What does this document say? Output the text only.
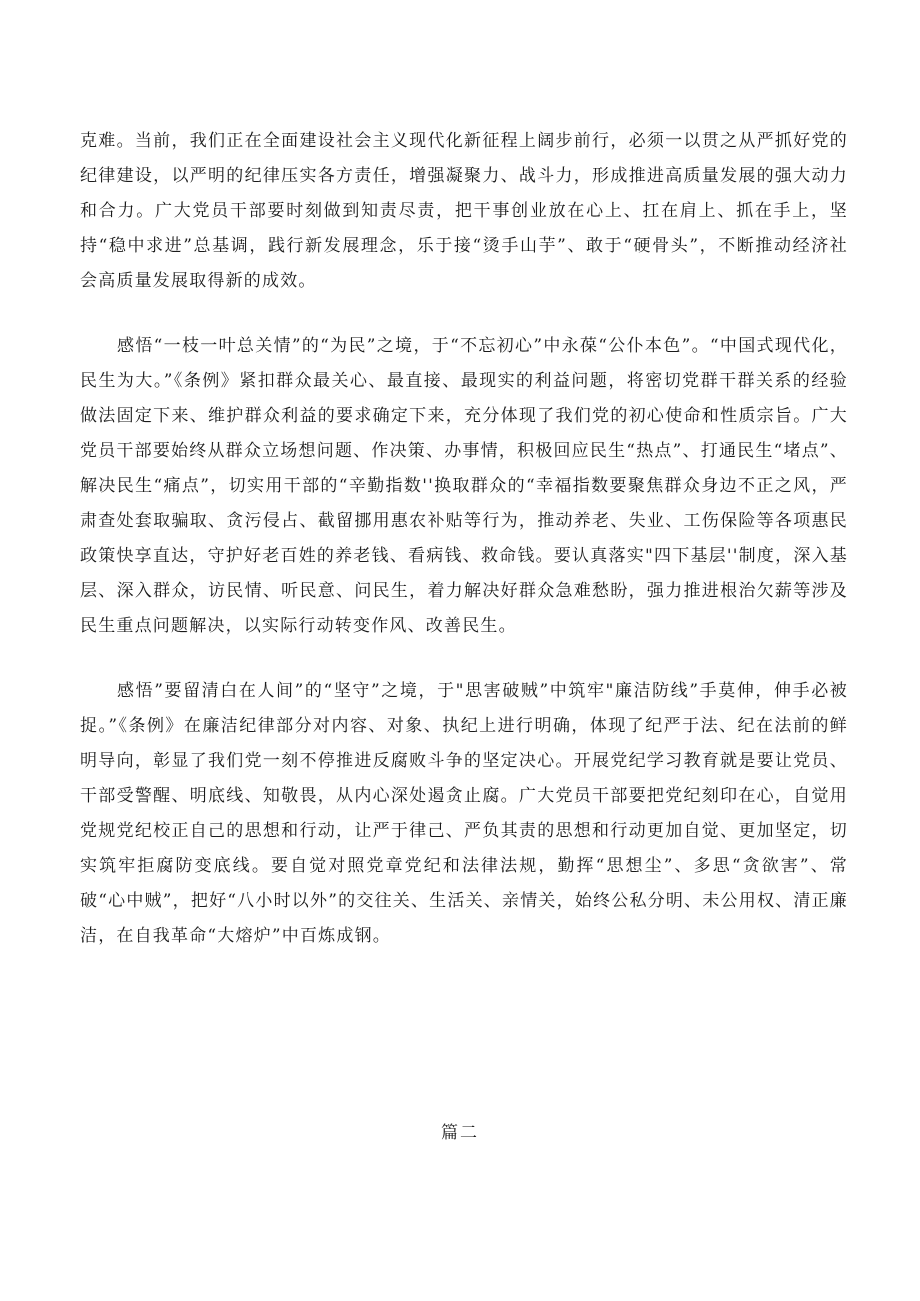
克难。当前，我们正在全面建设社会主义现代化新征程上阔步前行，必须一以贯之从严抓好党的纪律建设，以严明的纪律压实各方责任，增强凝聚力、战斗力，形成推进高质量发展的强大动力和合力。广大党员干部要时刻做到知责尽责，把干事创业放在心上、扛在肩上、抓在手上，坚持“稳中求进”总基调，践行新发展理念，乐于接“烫手山芋”、敢于“硬骨头”，不断推动经济社会高质量发展取得新的成效。

感悟“一枝一叶总关情”的“为民”之境，于“不忘初心”中永葆“公仆本色”。“中国式现代化，民生为大。”《条例》紧扣群众最关心、最直接、最现实的利益问题，将密切党群干群关系的经验做法固定下来、维护群众利益的要求确定下来，充分体现了我们党的初心使命和性质宗旨。广大党员干部要始终从群众立场想问题、作决策、办事情，积极回应民生“热点”、打通民生“堵点”、解决民生“痛点”，切实用干部的“辛勤指数''换取群众的“幸福指数要聚焦群众身边不正之风，严肃查处套取骗取、贪污侵占、截留挪用惠农补贴等行为，推动养老、失业、工伤保险等各项惠民政策快享直达，守护好老百姓的养老钱、看病钱、救命钱。要认真落实"四下基层''制度，深入基层、深入群众，访民情、听民意、问民生，着力解决好群众急难愁盼，强力推进根治欠薪等涉及民生重点问题解决，以实际行动转变作风、改善民生。

感悟”要留清白在人间”的“坚守”之境，于"思害破贼”中筑牢"廉洁防线”手莫伸，伸手必被捉。”《条例》在廉洁纪律部分对内容、对象、执纪上进行明确，体现了纪严于法、纪在法前的鲜明导向，彰显了我们党一刻不停推进反腐败斗争的坚定决心。开展党纪学习教育就是要让党员、干部受警醒、明底线、知敬畏，从内心深处遏贪止腐。广大党员干部要把党纪刻印在心，自觉用党规党纪校正自己的思想和行动，让严于律己、严负其责的思想和行动更加自觉、更加坚定，切实筑牢拒腐防变底线。要自觉对照党章党纪和法律法规，勤挥“思想尘”、多思“贪欲害”、常破“心中贼”，把好“八小时以外”的交往关、生活关、亲情关，始终公私分明、未公用权、清正廉洁，在自我革命“大熔炉”中百炼成钢。

篇二
